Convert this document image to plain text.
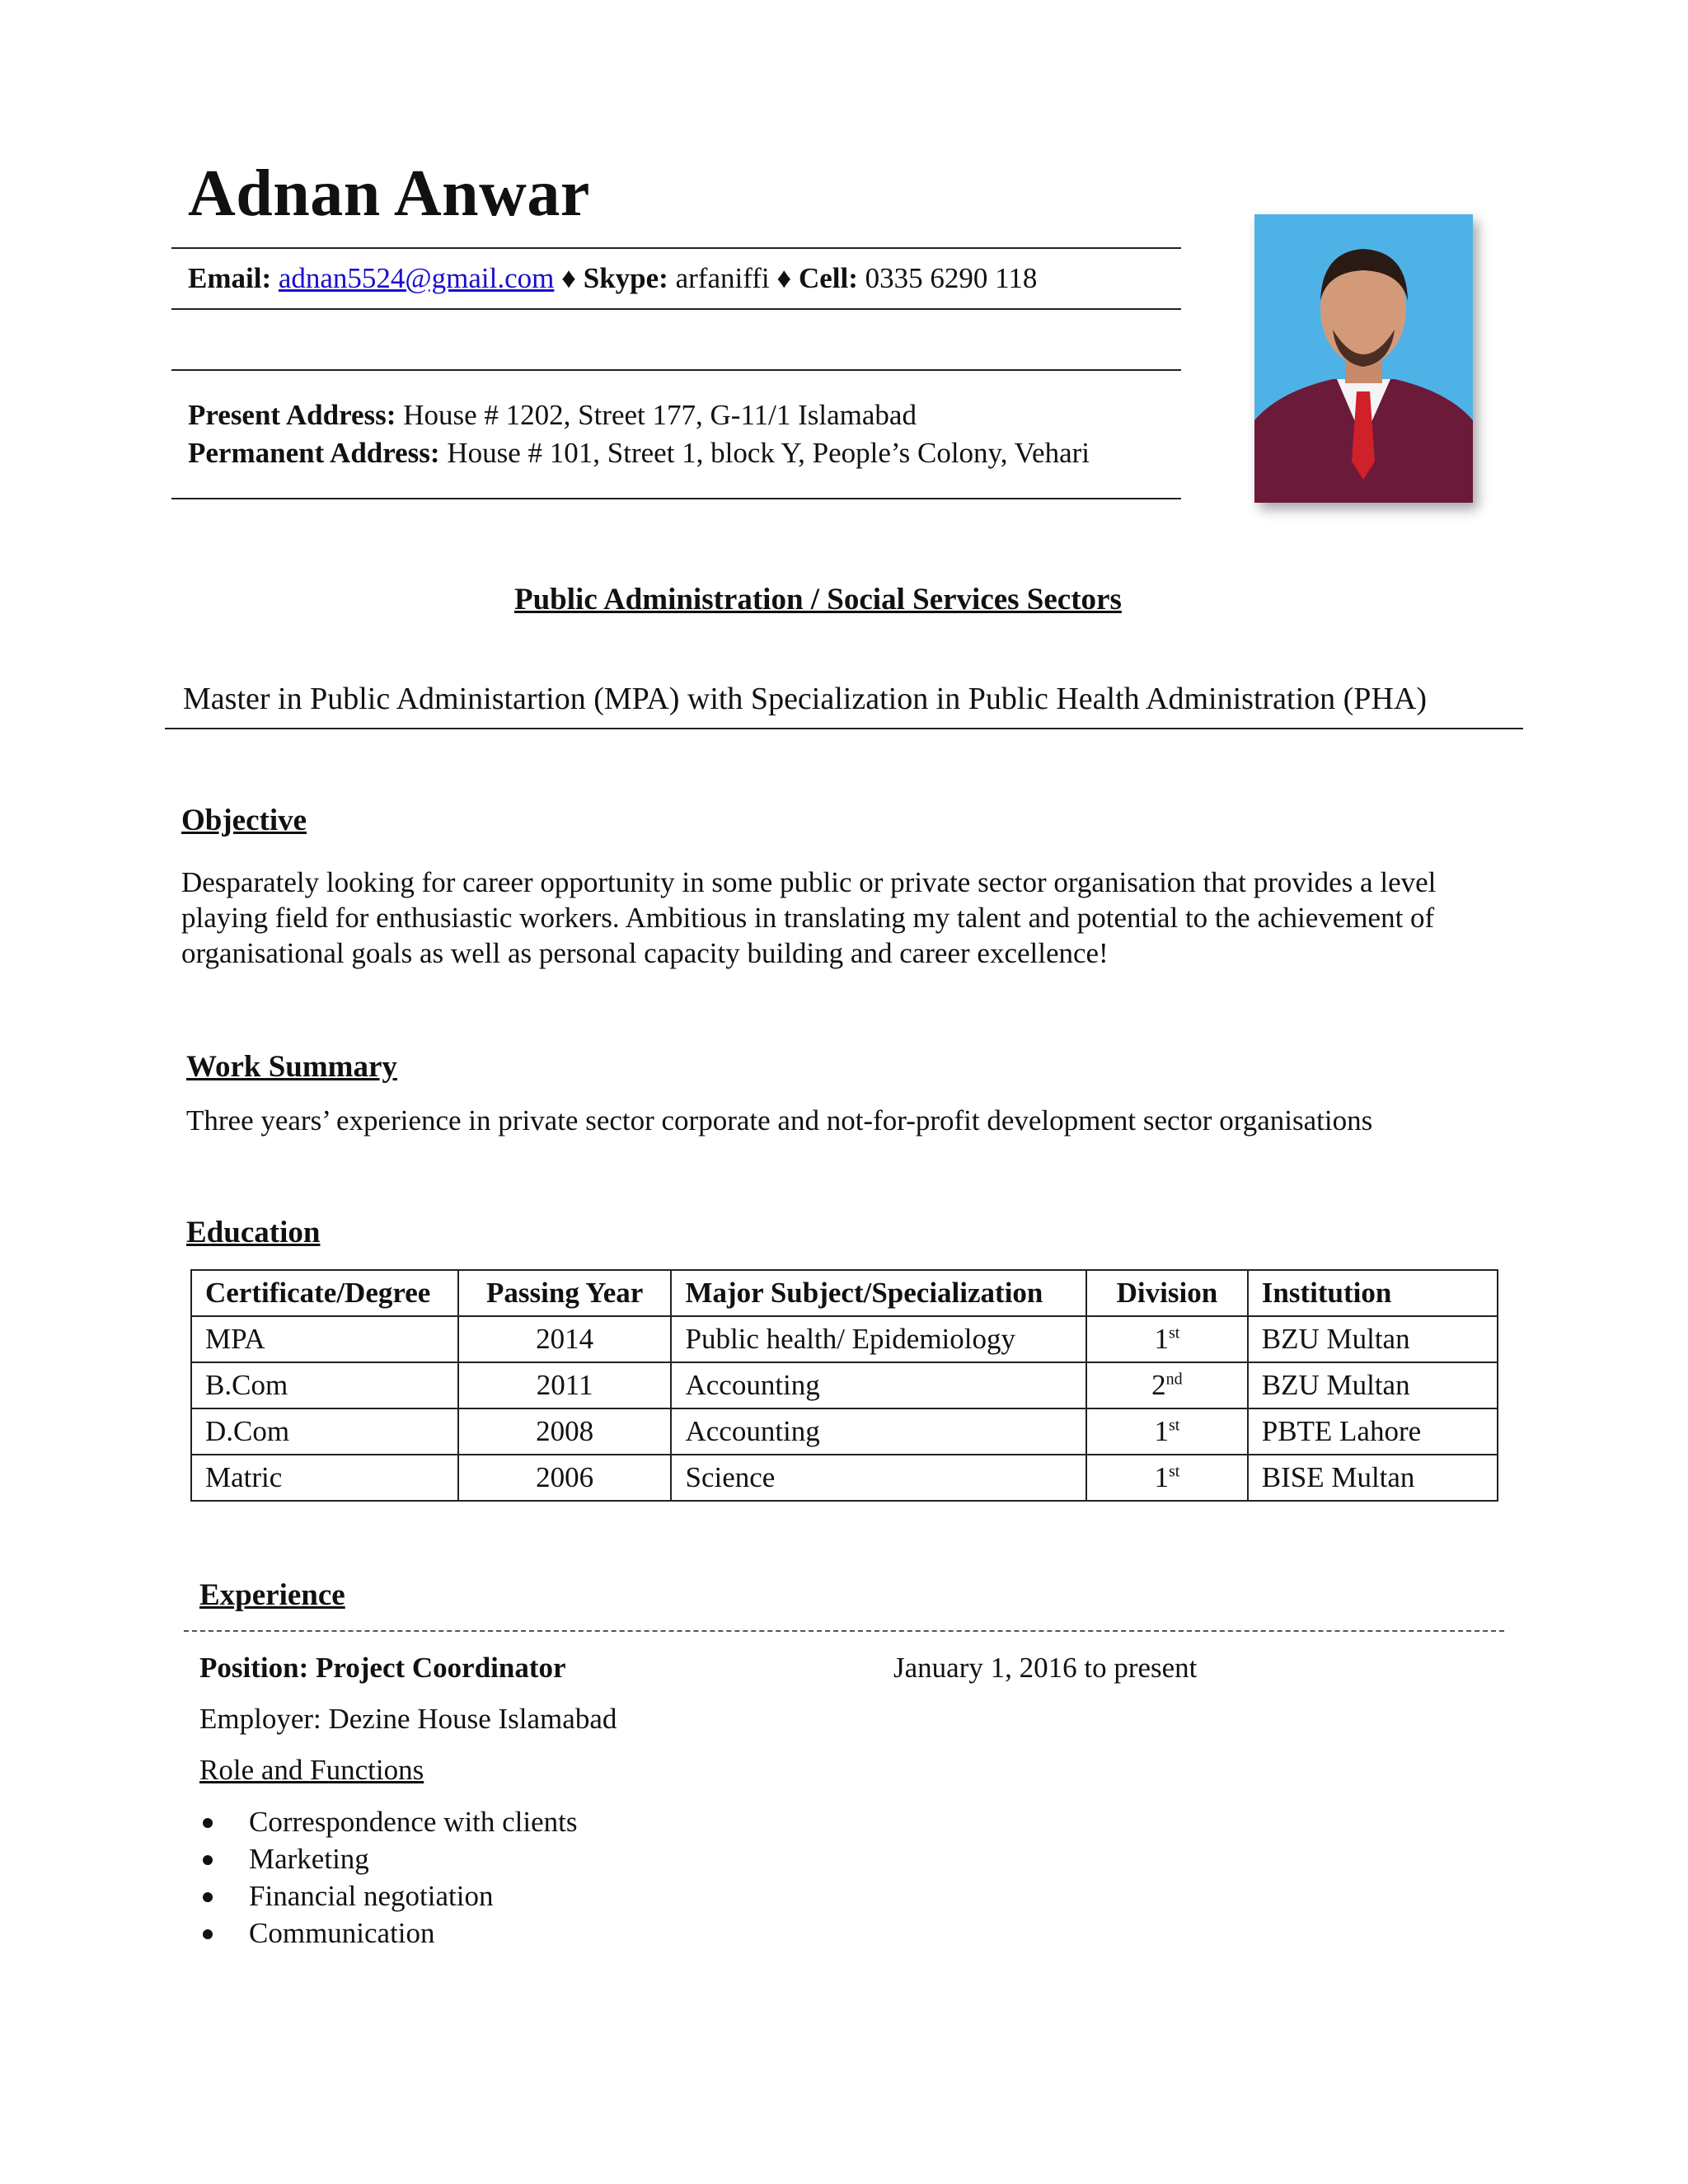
Adnan Anwar
Email: adnan5524@gmail.com ♦ Skype: arfaniffi ♦ Cell: 0335 6290 118
Present Address: House # 1202, Street 177, G-11/1 Islamabad
Permanent Address: House # 101, Street 1, block Y, People’s Colony, Vehari
Public Administration / Social Services Sectors
Master in Public Administartion (MPA) with Specialization in Public Health Administration (PHA)
Objective
Desparately looking for career opportunity in some public or private sector organisation that provides a level
playing field for enthusiastic workers. Ambitious in translating my talent and potential to the achievement of
organisational goals as well as personal capacity building and career excellence!
Work Summary
Three years’ experience in private sector corporate and not-for-profit development sector organisations
Education
Certificate/Degree	Passing Year	Major Subject/Specialization	Division	Institution
MPA	2014	Public health/ Epidemiology	1st	BZU Multan
B.Com	2011	Accounting	2nd	BZU Multan
D.Com	2008	Accounting	1st	PBTE Lahore
Matric	2006	Science	1st	BISE Multan
Experience
Position: Project Coordinator	January 1, 2016 to present
Employer: Dezine House Islamabad
Role and Functions
Correspondence with clients
Marketing
Financial negotiation
Communication
